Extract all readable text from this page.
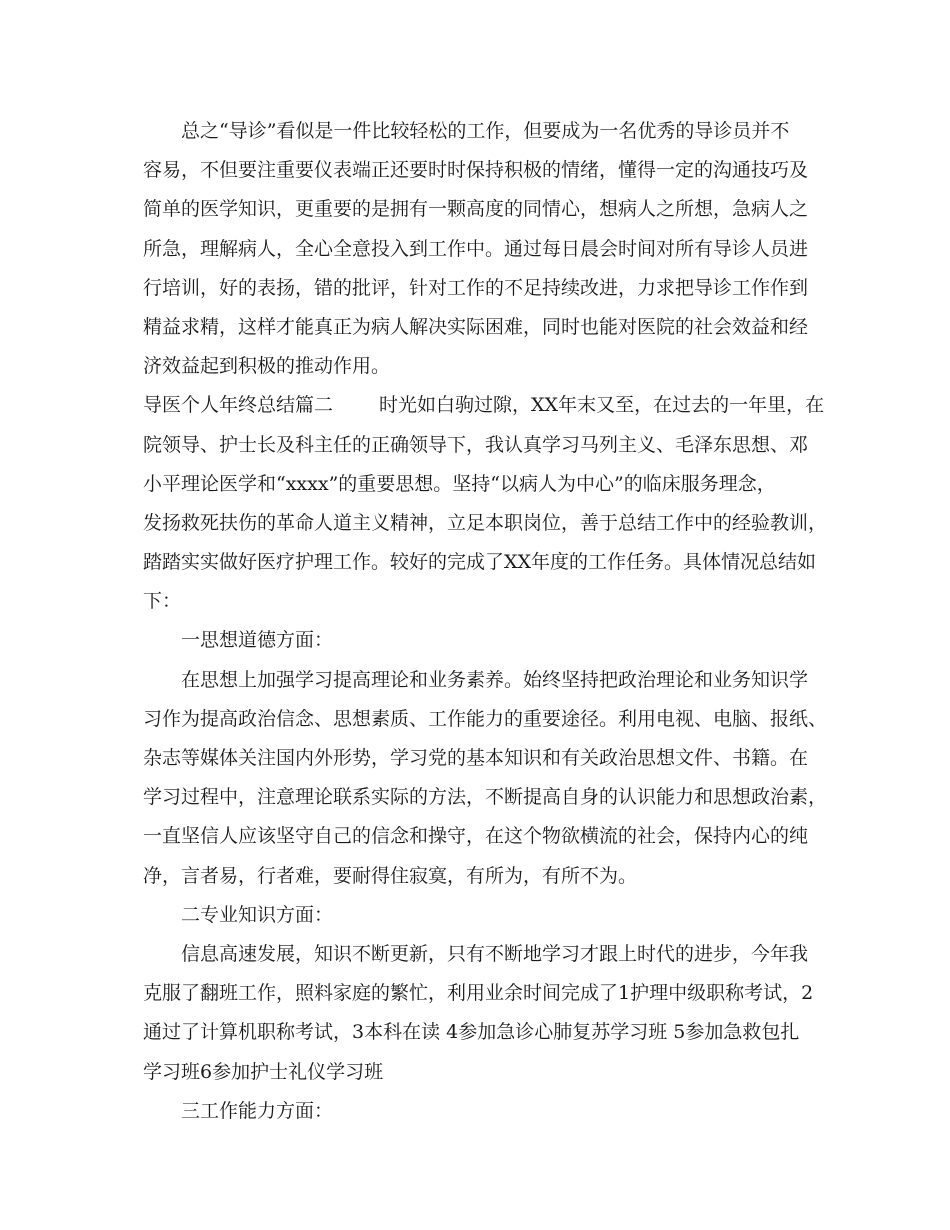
总之“导诊”看似是一件比较轻松的工作，但要成为一名优秀的导诊员并不
容易，不但要注重要仪表端正还要时时保持积极的情绪，懂得一定的沟通技巧及
简单的医学知识，更重要的是拥有一颗高度的同情心，想病人之所想，急病人之
所急，理解病人，全心全意投入到工作中。通过每日晨会时间对所有导诊人员进
行培训，好的表扬，错的批评，针对工作的不足持续改进，力求把导诊工作作到
精益求精，这样才能真正为病人解决实际困难，同时也能对医院的社会效益和经
济效益起到积极的推动作用。
导医个人年终总结篇二 时光如白驹过隙，XX年末又至，在过去的一年里，在
院领导、护士长及科主任的正确领导下，我认真学习马列主义、毛泽东思想、邓
小平理论医学和“xxxx”的重要思想。坚持“以病人为中心”的临床服务理念，
发扬救死扶伤的革命人道主义精神，立足本职岗位，善于总结工作中的经验教训，
踏踏实实做好医疗护理工作。较好的完成了XX年度的工作任务。具体情况总结如
下：
一思想道德方面：
在思想上加强学习提高理论和业务素养。始终坚持把政治理论和业务知识学
习作为提高政治信念、思想素质、工作能力的重要途径。利用电视、电脑、报纸、
杂志等媒体关注国内外形势，学习党的基本知识和有关政治思想文件、书籍。在
学习过程中，注意理论联系实际的方法，不断提高自身的认识能力和思想政治素，
一直坚信人应该坚守自己的信念和操守，在这个物欲横流的社会，保持内心的纯
净，言者易，行者难，要耐得住寂寞，有所为，有所不为。
二专业知识方面：
信息高速发展，知识不断更新，只有不断地学习才跟上时代的进步，今年我
克服了翻班工作，照料家庭的繁忙，利用业余时间完成了1护理中级职称考试，2
通过了计算机职称考试，3本科在读 4参加急诊心肺复苏学习班 5参加急救包扎
学习班6参加护士礼仪学习班
三工作能力方面：
